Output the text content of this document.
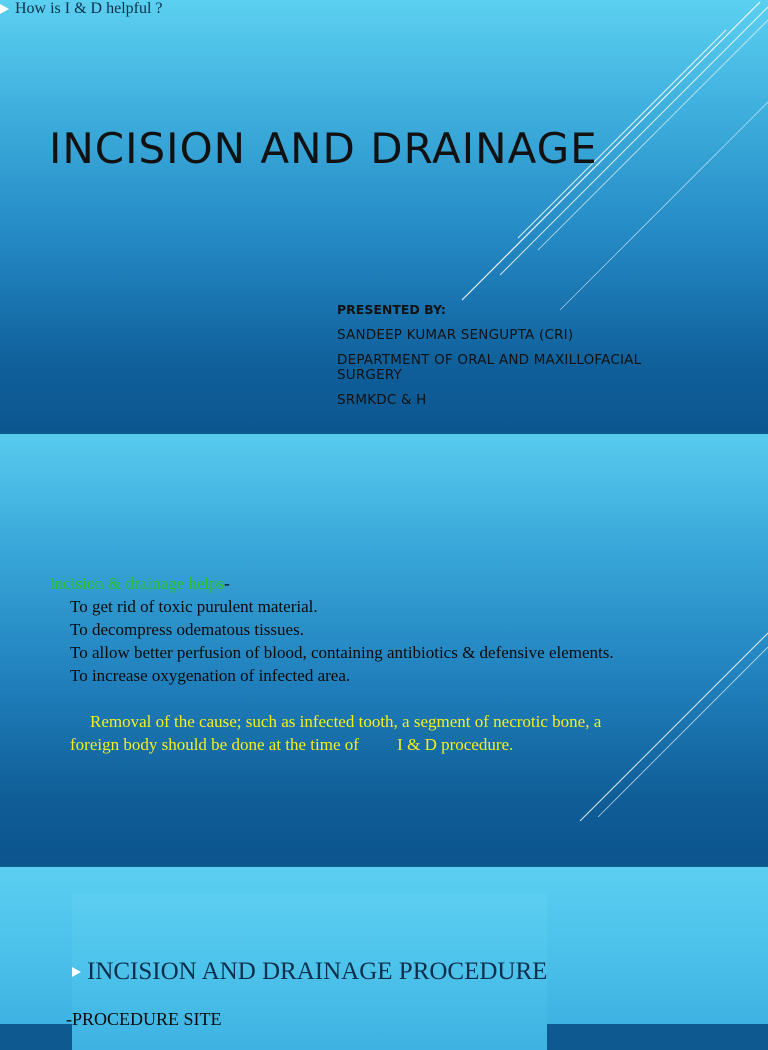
INCISION AND DRAINAGE
PRESENTED BY:
SANDEEP KUMAR SENGUPTA (CRI)
DEPARTMENT OF ORAL AND MAXILLOFACIAL SURGERY
SRMKDC & H
How is I & D helpful ?
Incision & drainage helps-
To get rid of toxic purulent material.
To decompress odematous tissues.
To allow better perfusion of blood, containing antibiotics & defensive elements.
To increase oxygenation of infected area.
Removal of the cause; such as infected tooth, a segment of necrotic bone, a
foreign body should be done at the time of         I & D procedure.
INCISION AND DRAINAGE PROCEDURE
-PROCEDURE SITE
